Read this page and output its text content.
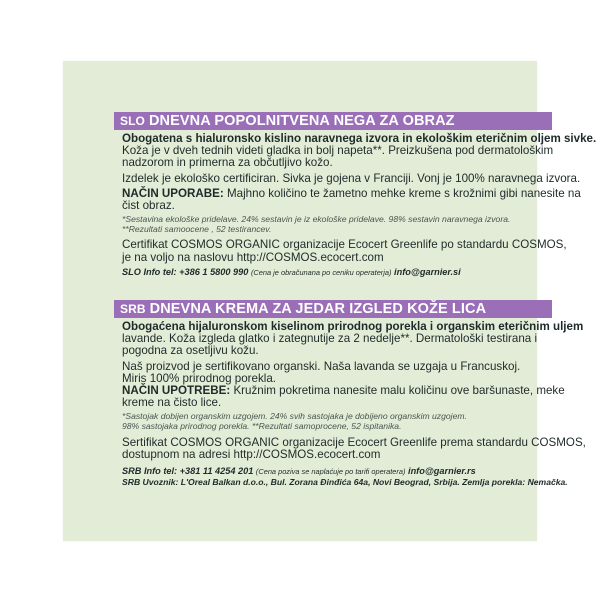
SLO DNEVNA POPOLNITVENA NEGA ZA OBRAZ
Obogatena s hialuronsko kislino naravnega izvora in ekološkim eteričnim oljem sivke.
Koža je v dveh tednih videti gladka in bolj napeta**. Preizkušena pod dermatološkim
nadzorom in primerna za občutljivo kožo.
Izdelek je ekološko certificiran. Sivka je gojena v Franciji. Vonj je 100% naravnega izvora.
NAČIN UPORABE: Majhno količino te žametno mehke kreme s krožnimi gibi nanesite na
čist obraz.
*Sestavina ekološke pridelave. 24% sestavin je iz ekološke pridelave. 98% sestavin naravnega izvora.
**Rezultati samoocene , 52 testirancev.
Certifikat COSMOS ORGANIC organizacije Ecocert Greenlife po standardu COSMOS,
je na voljo na naslovu http://COSMOS.ecocert.com
SLO Info tel: +386 1 5800 990 (Cena je obračunana po ceniku operaterja) info@garnier.si
SRB DNEVNA KREMA ZA JEDAR IZGLED KOŽE LICA
Obogaćena hijaluronskom kiselinom prirodnog porekla i organskim eteričnim uljem
lavande. Koža izgleda glatko i zategnutije za 2 nedelje**. Dermatološki testirana i
pogodna za osetljivu kožu.
Naš proizvod je sertifikovano organski. Naša lavanda se uzgaja u Francuskoj.
Miris 100% prirodnog porekla.
NAČIN UPOTREBE: Kružnim pokretima nanesite malu količinu ove baršunaste, meke
kreme na čisto lice.
*Sastojak dobijen organskim uzgojem. 24% svih sastojaka je dobijeno organskim uzgojem.
98% sastojaka prirodnog porekla. **Rezultati samoprocene, 52 ispitanika.
Sertifikat COSMOS ORGANIC organizacije Ecocert Greenlife prema standardu COSMOS,
dostupnom na adresi http://COSMOS.ecocert.com
SRB Info tel: +381 11 4254 201 (Cena poziva se naplaćuje po tarifi operatera) info@garnier.rs
SRB Uvoznik: L'Oreal Balkan d.o.o., Bul. Zorana Đinđića 64a, Novi Beograd, Srbija. Zemlja porekla: Nemačka.
